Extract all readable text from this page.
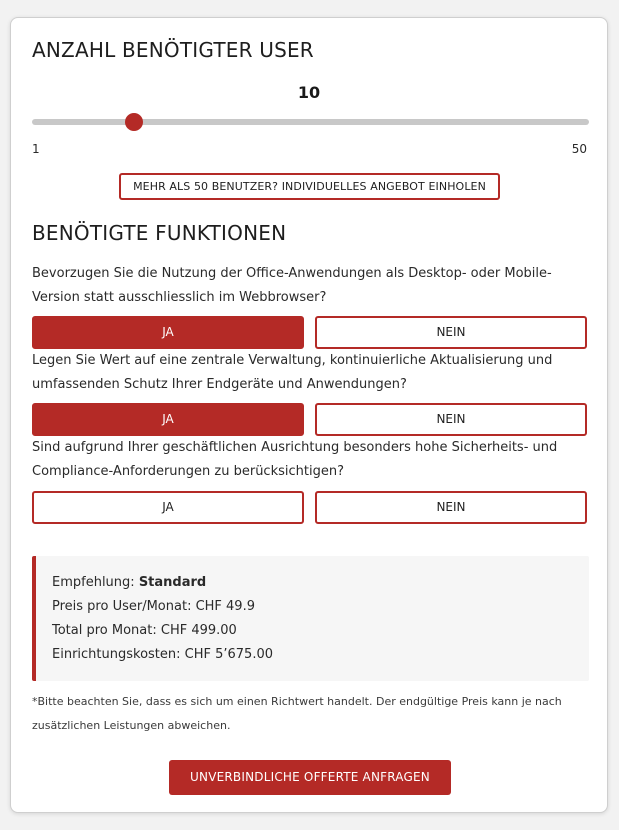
ANZAHL BENÖTIGTER USER
10
1	50
MEHR ALS 50 BENUTZER? INDIVIDUELLES ANGEBOT EINHOLEN
BENÖTIGTE FUNKTIONEN
Bevorzugen Sie die Nutzung der Office-Anwendungen als Desktop- oder Mobile-Version statt ausschliesslich im Webbrowser?
JA	NEIN
Legen Sie Wert auf eine zentrale Verwaltung, kontinuierliche Aktualisierung und umfassenden Schutz Ihrer Endgeräte und Anwendungen?
JA	NEIN
Sind aufgrund Ihrer geschäftlichen Ausrichtung besonders hohe Sicherheits- und Compliance-Anforderungen zu berücksichtigen?
JA	NEIN
Empfehlung: Standard
Preis pro User/Monat: CHF 49.9
Total pro Monat: CHF 499.00
Einrichtungskosten: CHF 5’675.00
*Bitte beachten Sie, dass es sich um einen Richtwert handelt. Der endgültige Preis kann je nach zusätzlichen Leistungen abweichen.
UNVERBINDLICHE OFFERTE ANFRAGEN
